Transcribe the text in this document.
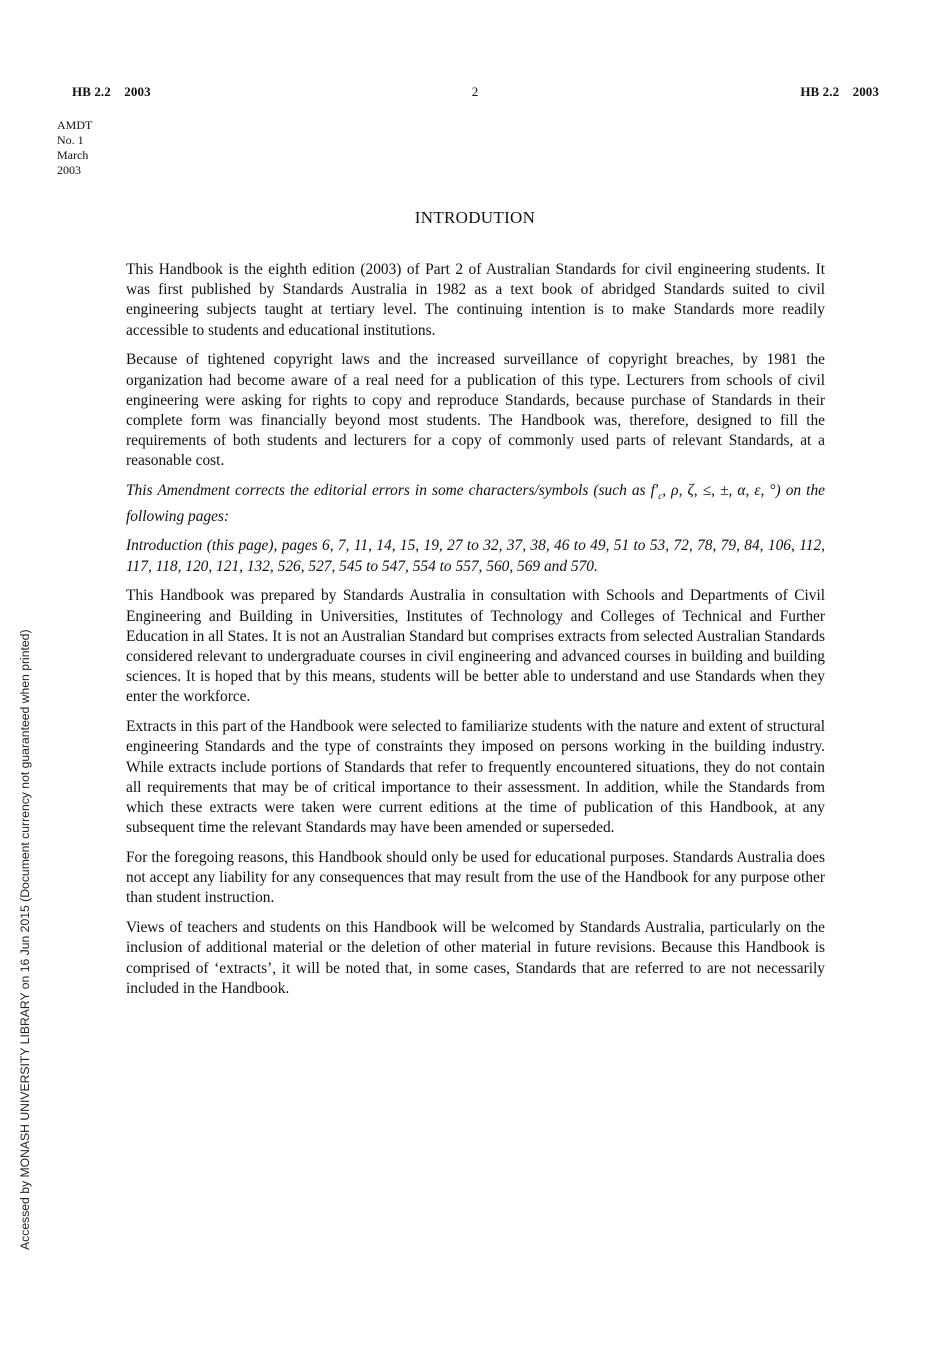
HB 2.2    2003	2	HB 2.2    2003
AMDT
No. 1
March
2003
INTRODUTION

This Handbook is the eighth edition (2003) of Part 2 of Australian Standards for civil engineering students. It was first published by Standards Australia in 1982 as a text book of abridged Standards suited to civil engineering subjects taught at tertiary level. The continuing intention is to make Standards more readily accessible to students and educational institutions.

Because of tightened copyright laws and the increased surveillance of copyright breaches, by 1981 the organization had become aware of a real need for a publication of this type. Lecturers from schools of civil engineering were asking for rights to copy and reproduce Standards, because purchase of Standards in their complete form was financially beyond most students. The Handbook was, therefore, designed to fill the requirements of both students and lecturers for a copy of commonly used parts of relevant Standards, at a reasonable cost.

This Amendment corrects the editorial errors in some characters/symbols (such as $f'_c$, ρ, ζ, ≤, ±, α, ε, °) on the following pages:

Introduction (this page), pages 6, 7, 11, 14, 15, 19, 27 to 32, 37, 38, 46 to 49, 51 to 53, 72, 78, 79, 84, 106, 112, 117, 118, 120, 121, 132, 526, 527, 545 to 547, 554 to 557, 560, 569 and 570.

This Handbook was prepared by Standards Australia in consultation with Schools and Departments of Civil Engineering and Building in Universities, Institutes of Technology and Colleges of Technical and Further Education in all States. It is not an Australian Standard but comprises extracts from selected Australian Standards considered relevant to undergraduate courses in civil engineering and advanced courses in building and building sciences. It is hoped that by this means, students will be better able to understand and use Standards when they enter the workforce.

Extracts in this part of the Handbook were selected to familiarize students with the nature and extent of structural engineering Standards and the type of constraints they imposed on persons working in the building industry. While extracts include portions of Standards that refer to frequently encountered situations, they do not contain all requirements that may be of critical importance to their assessment. In addition, while the Standards from which these extracts were taken were current editions at the time of publication of this Handbook, at any subsequent time the relevant Standards may have been amended or superseded.

For the foregoing reasons, this Handbook should only be used for educational purposes. Standards Australia does not accept any liability for any consequences that may result from the use of the Handbook for any purpose other than student instruction.

Views of teachers and students on this Handbook will be welcomed by Standards Australia, particularly on the inclusion of additional material or the deletion of other material in future revisions. Because this Handbook is comprised of ‘extracts’, it will be noted that, in some cases, Standards that are referred to are not necessarily included in the Handbook.

Accessed by MONASH UNIVERSITY LIBRARY on 16 Jun 2015 (Document currency not guaranteed when printed)
